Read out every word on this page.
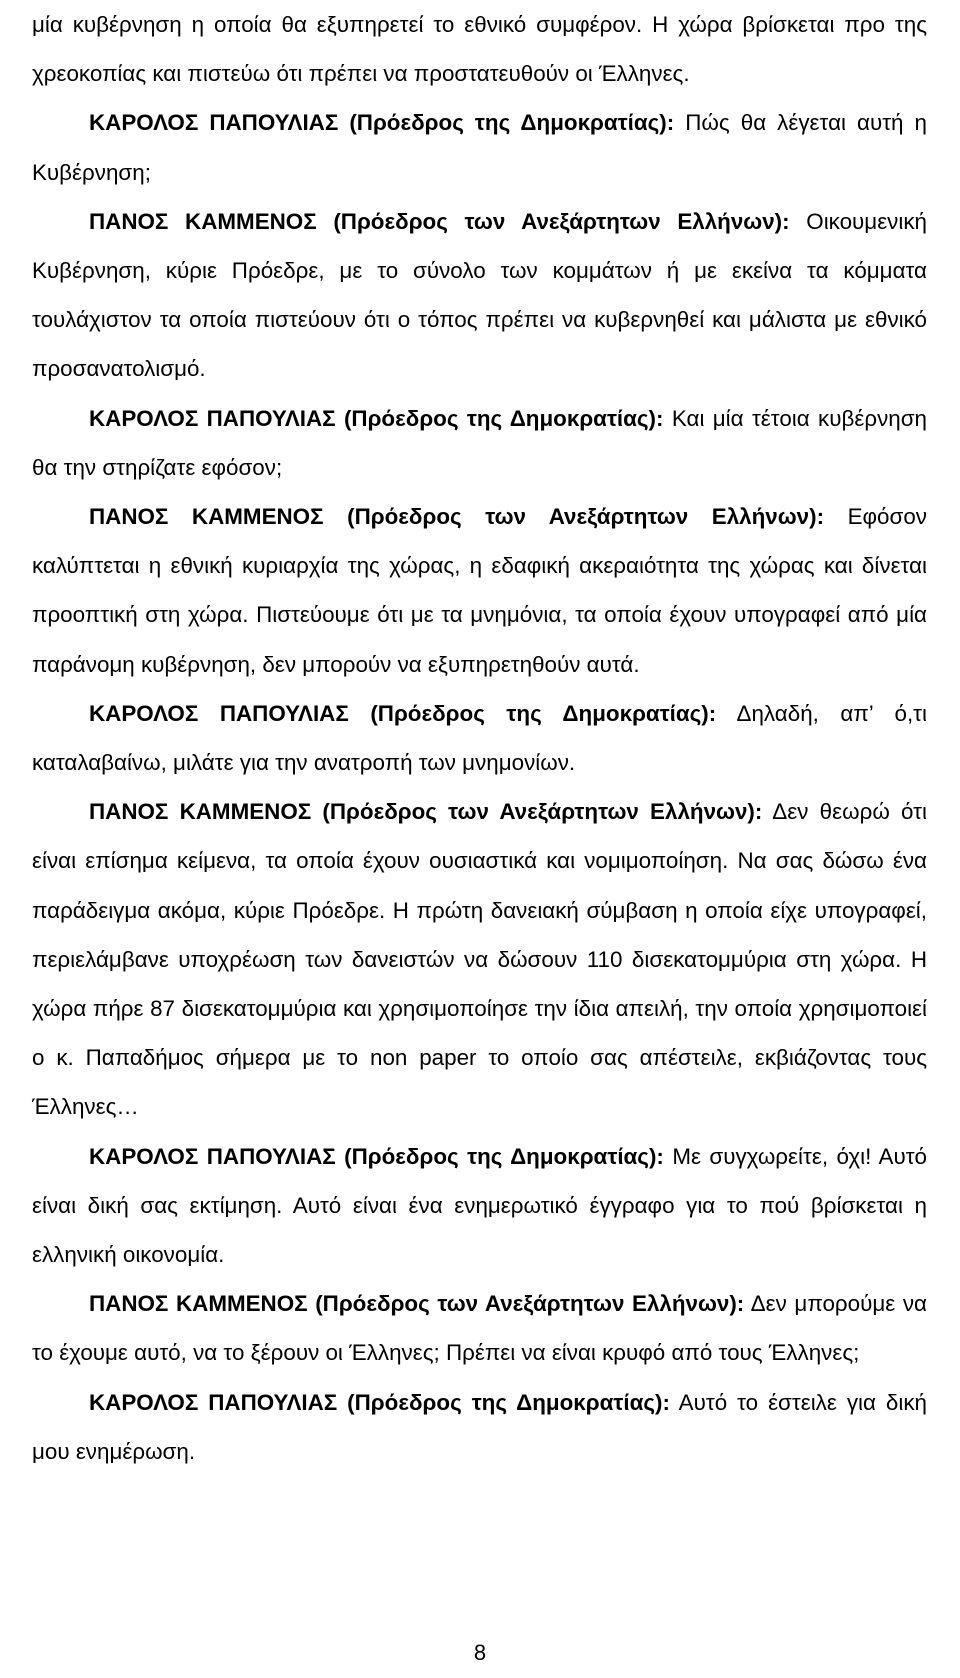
μία κυβέρνηση η οποία θα εξυπηρετεί το εθνικό συμφέρον. Η χώρα βρίσκεται προ της χρεοκοπίας και πιστεύω ότι πρέπει να προστατευθούν οι Έλληνες.

ΚΑΡΟΛΟΣ ΠΑΠΟΥΛΙΑΣ (Πρόεδρος της Δημοκρατίας): Πώς θα λέγεται αυτή η Κυβέρνηση;

ΠΑΝΟΣ ΚΑΜΜΕΝΟΣ (Πρόεδρος των Ανεξάρτητων Ελλήνων): Οικουμενική Κυβέρνηση, κύριε Πρόεδρε, με το σύνολο των κομμάτων ή με εκείνα τα κόμματα τουλάχιστον τα οποία πιστεύουν ότι ο τόπος πρέπει να κυβερνηθεί και μάλιστα με εθνικό προσανατολισμό.

ΚΑΡΟΛΟΣ ΠΑΠΟΥΛΙΑΣ (Πρόεδρος της Δημοκρατίας): Και μία τέτοια κυβέρνηση θα την στηρίζατε εφόσον;

ΠΑΝΟΣ ΚΑΜΜΕΝΟΣ (Πρόεδρος των Ανεξάρτητων Ελλήνων): Εφόσον καλύπτεται η εθνική κυριαρχία της χώρας, η εδαφική ακεραιότητα της χώρας και δίνεται προοπτική στη χώρα. Πιστεύουμε ότι με τα μνημόνια, τα οποία έχουν υπογραφεί από μία παράνομη κυβέρνηση, δεν μπορούν να εξυπηρετηθούν αυτά.

ΚΑΡΟΛΟΣ ΠΑΠΟΥΛΙΑΣ (Πρόεδρος της Δημοκρατίας): Δηλαδή, απ’ ό,τι καταλαβαίνω, μιλάτε για την ανατροπή των μνημονίων.

ΠΑΝΟΣ ΚΑΜΜΕΝΟΣ (Πρόεδρος των Ανεξάρτητων Ελλήνων): Δεν θεωρώ ότι είναι επίσημα κείμενα, τα οποία έχουν ουσιαστικά και νομιμοποίηση. Να σας δώσω ένα παράδειγμα ακόμα, κύριε Πρόεδρε. Η πρώτη δανειακή σύμβαση η οποία είχε υπογραφεί, περιελάμβανε υποχρέωση των δανειστών να δώσουν 110 δισεκατομμύρια στη χώρα. Η χώρα πήρε 87 δισεκατομμύρια και χρησιμοποίησε την ίδια απειλή, την οποία χρησιμοποιεί ο κ. Παπαδήμος σήμερα με το non paper το οποίο σας απέστειλε, εκβιάζοντας τους Έλληνες…

ΚΑΡΟΛΟΣ ΠΑΠΟΥΛΙΑΣ (Πρόεδρος της Δημοκρατίας): Με συγχωρείτε, όχι! Αυτό είναι δική σας εκτίμηση. Αυτό είναι ένα ενημερωτικό έγγραφο για το πού βρίσκεται η ελληνική οικονομία.

ΠΑΝΟΣ ΚΑΜΜΕΝΟΣ (Πρόεδρος των Ανεξάρτητων Ελλήνων): Δεν μπορούμε να το έχουμε αυτό, να το ξέρουν οι Έλληνες; Πρέπει να είναι κρυφό από τους Έλληνες;

ΚΑΡΟΛΟΣ ΠΑΠΟΥΛΙΑΣ (Πρόεδρος της Δημοκρατίας): Αυτό το έστειλε για δική μου ενημέρωση.

8
